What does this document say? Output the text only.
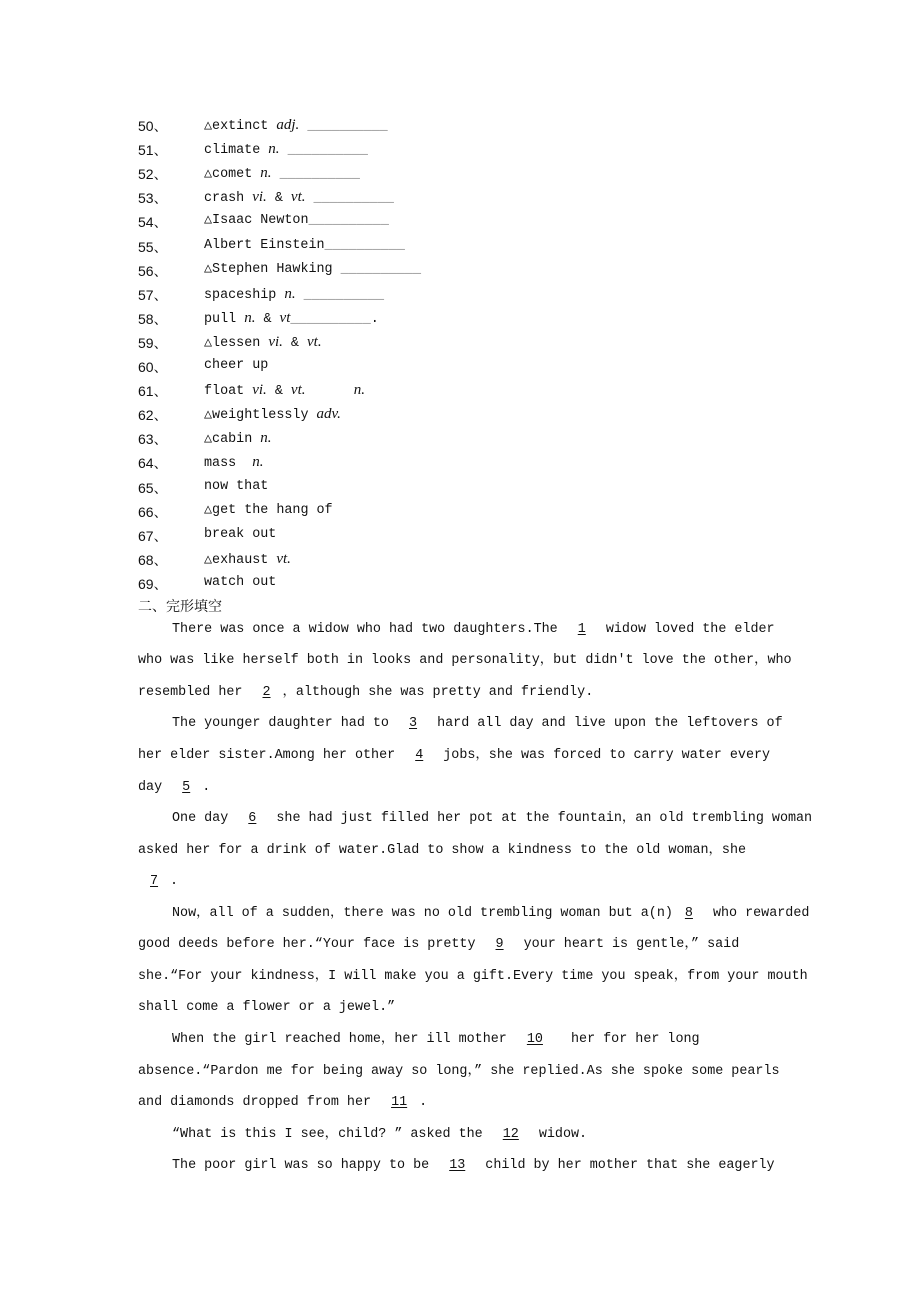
50、	△extinct adj. __________
51、	climate n. __________
52、	△comet n. __________
53、	crash vi. & vt. __________
54、	△Isaac Newton__________
55、	Albert Einstein__________
56、	△Stephen Hawking __________
57、	spaceship n. __________
58、	pull n. & vt__________.
59、	△lessen vi. & vt.
60、	cheer up
61、	float vi. & vt.	n.
62、	△weightlessly adv.
63、	△cabin n.
64、	mass  n.
65、	now that
66、	△get the hang of
67、	break out
68、	△exhaust vt.
69、	watch out
二、完形填空
There was once a widow who had two daughters.The 1 widow loved the elder
who was like herself both in looks and personality，but didn't love the other，who
resembled her 2 ，although she was pretty and friendly.
The younger daughter had to 3 hard all day and live upon the leftovers of
her elder sister.Among her other 4 jobs，she was forced to carry water every
day 5 .
One day 6 she had just filled her pot at the fountain，an old trembling woman
asked her for a drink of water.Glad to show a kindness to the old woman，she
7 .
Now，all of a sudden，there was no old trembling woman but a(n) 8 who rewarded
good deeds before her.“Your face is pretty 9 your heart is gentle，” said
she.“For your kindness，I will make you a gift.Every time you speak，from your mouth
shall come a flower or a jewel.”
When the girl reached home，her ill mother 10  her for her long
absence.“Pardon me for being away so long，” she replied.As she spoke some pearls
and diamonds dropped from her 11 .
“What is this I see，child? ” asked the 12 widow.
The poor girl was so happy to be 13 child by her mother that she eagerly
